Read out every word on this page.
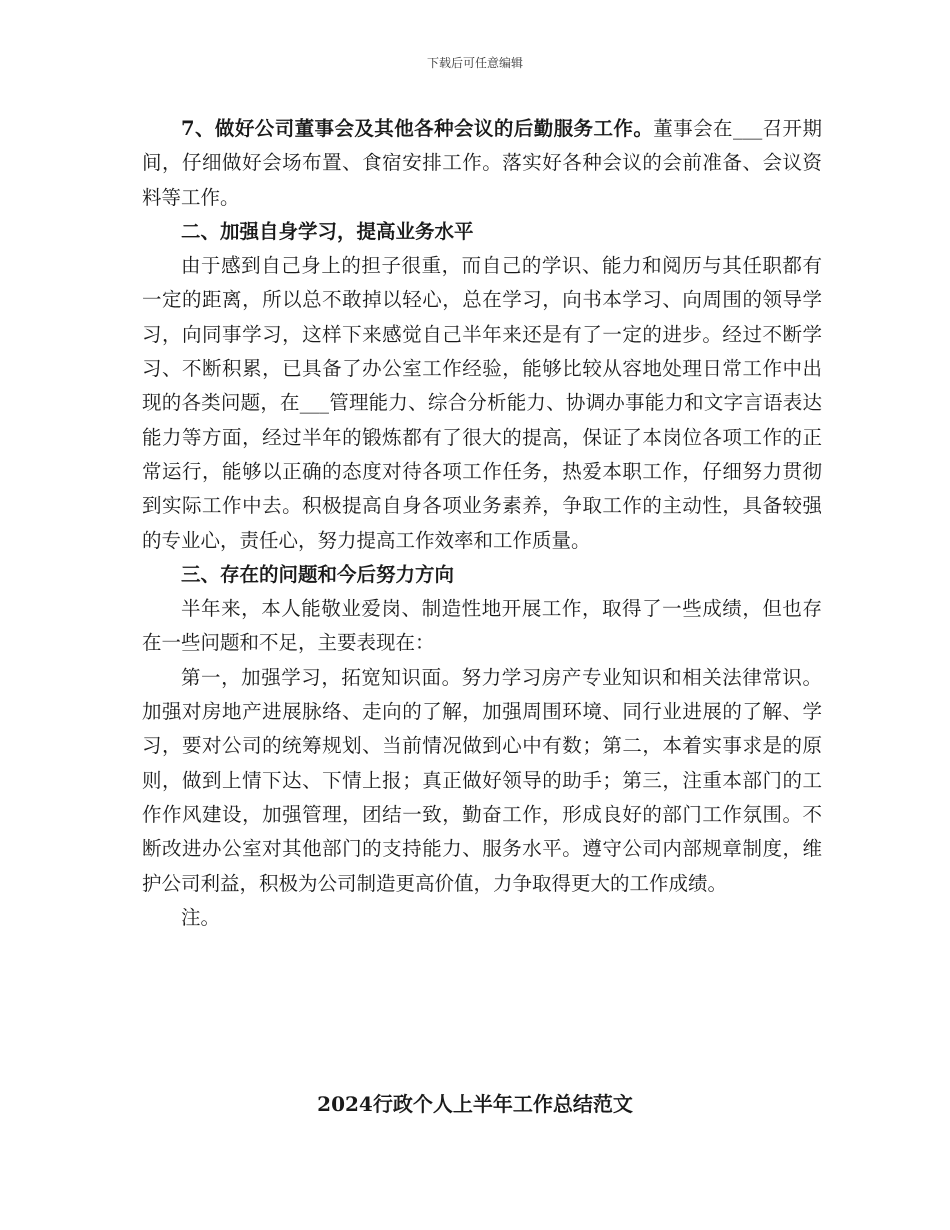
下载后可任意编辑

7、做好公司董事会及其他各种会议的后勤服务工作。董事会在___召开期间，仔细做好会场布置、食宿安排工作。落实好各种会议的会前准备、会议资料等工作。

二、加强自身学习，提高业务水平

由于感到自己身上的担子很重，而自己的学识、能力和阅历与其任职都有一定的距离，所以总不敢掉以轻心，总在学习，向书本学习、向周围的领导学习，向同事学习，这样下来感觉自己半年来还是有了一定的进步。经过不断学习、不断积累，已具备了办公室工作经验，能够比较从容地处理日常工作中出现的各类问题，在___管理能力、综合分析能力、协调办事能力和文字言语表达能力等方面，经过半年的锻炼都有了很大的提高，保证了本岗位各项工作的正常运行，能够以正确的态度对待各项工作任务，热爱本职工作，仔细努力贯彻到实际工作中去。积极提高自身各项业务素养，争取工作的主动性，具备较强的专业心，责任心，努力提高工作效率和工作质量。

三、存在的问题和今后努力方向

半年来，本人能敬业爱岗、制造性地开展工作，取得了一些成绩，但也存在一些问题和不足，主要表现在：

第一，加强学习，拓宽知识面。努力学习房产专业知识和相关法律常识。加强对房地产进展脉络、走向的了解，加强周围环境、同行业进展的了解、学习，要对公司的统筹规划、当前情况做到心中有数；第二，本着实事求是的原则，做到上情下达、下情上报；真正做好领导的助手；第三，注重本部门的工作作风建设，加强管理，团结一致，勤奋工作，形成良好的部门工作氛围。不断改进办公室对其他部门的支持能力、服务水平。遵守公司内部规章制度，维护公司利益，积极为公司制造更高价值，力争取得更大的工作成绩。

注。

2024行政个人上半年工作总结范文
